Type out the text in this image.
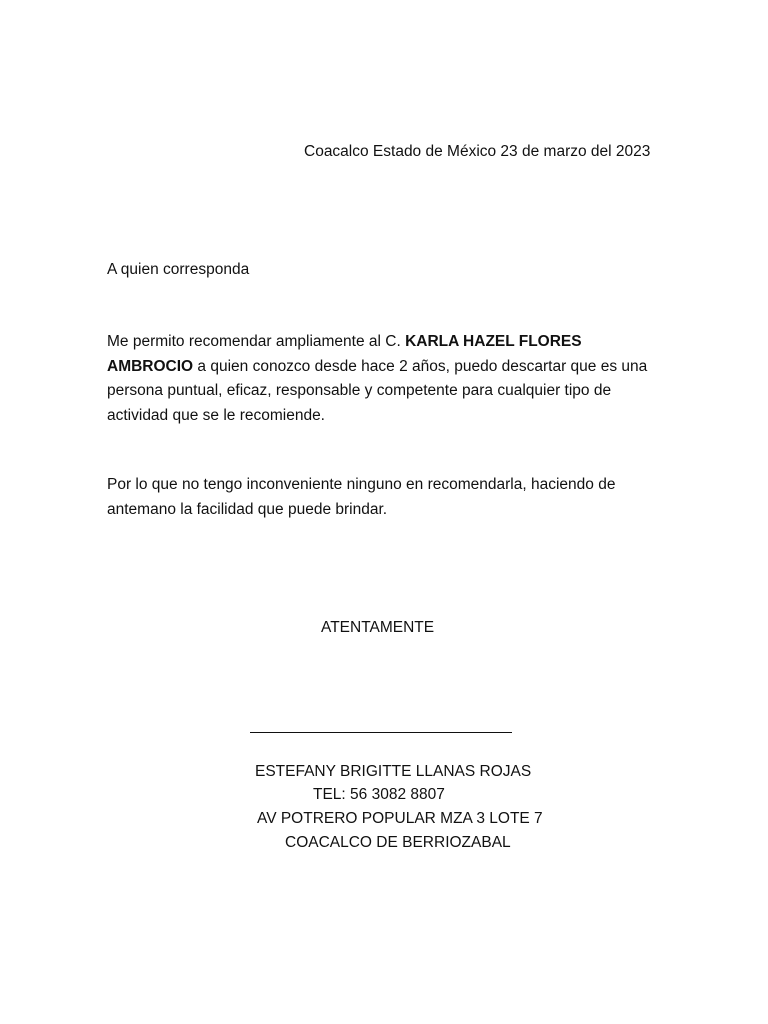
Coacalco Estado de México 23 de marzo del 2023
A quien corresponda
Me permito recomendar ampliamente al C. KARLA HAZEL FLORES
AMBROCIO a quien conozco desde hace 2 años, puedo descartar que es una
persona puntual, eficaz, responsable y competente para cualquier tipo de
actividad que se le recomiende.
Por lo que no tengo inconveniente ninguno en recomendarla, haciendo de
antemano la facilidad que puede brindar.
ATENTAMENTE
ESTEFANY BRIGITTE LLANAS ROJAS
TEL: 56 3082 8807
AV POTRERO POPULAR MZA 3 LOTE 7
COACALCO DE BERRIOZABAL
